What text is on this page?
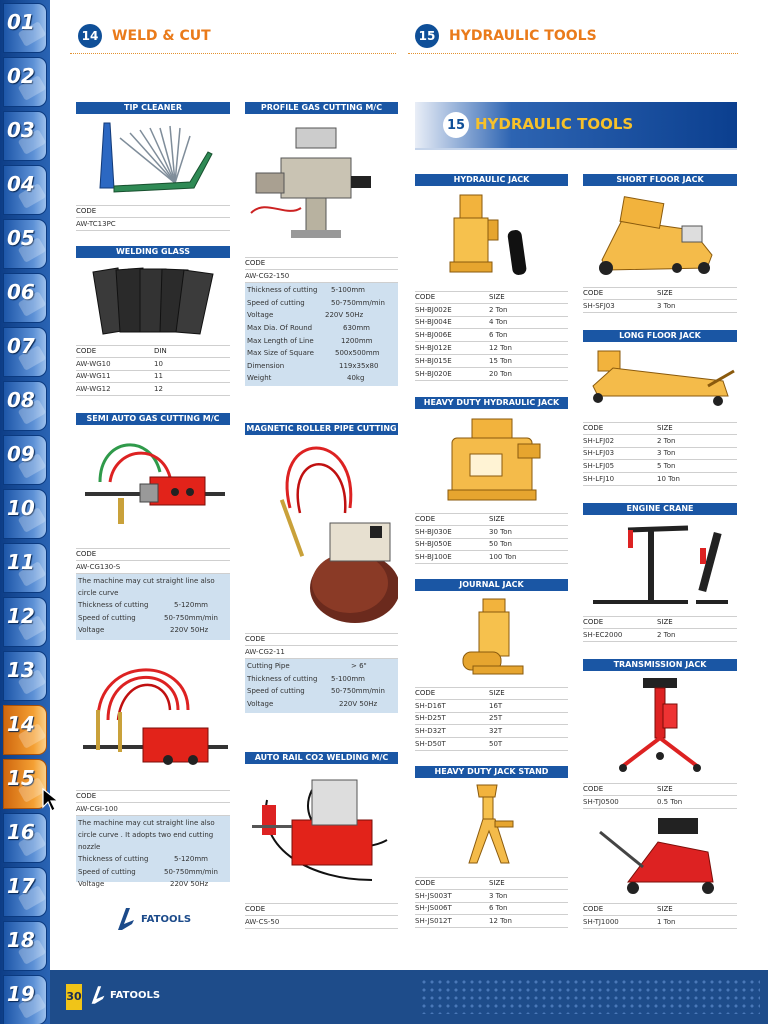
01
02
03
04
05
06
07
08
09
10
11
12
13
14
15
16
17
18
19
14 WELD & CUT	15 HYDRAULIC TOOLS
15 HYDRAULIC TOOLS
TIP CLEANER
CODE
AW-TC13PC
WELDING GLASS
CODE	DIN
AW-WG10	10
AW-WG11	11
AW-WG12	12
SEMI AUTO GAS CUTTING M/C
CODE
AW-CG130-S
The machine may cut straight line also circle curve
Thickness of cutting	5-120mm
Speed of cutting	50-750mm/min
Voltage	220V 50Hz
CODE
AW-CGI-100
The machine may cut straight line also circle curve . It adopts two end cutting nozzle
Thickness of cutting	5-120mm
Speed of cutting	50-750mm/min
Voltage	220V 50Hz
FATOOLS
PROFILE GAS CUTTING M/C
CODE
AW-CG2-150
Thickness of cutting	5-100mm
Speed of cutting	50-750mm/min
Voltage	220V 50Hz
Max Dia. Of Round	630mm
Max Length of Line	1200mm
Max Size of Square	500x500mm
Dimension	119x35x80
Weight	40kg
MAGNETIC ROLLER PIPE CUTTING M/C
CODE
AW-CG2-11
Cutting Pipe	> 6"
Thickness of cutting	5-100mm
Speed of cutting	50-750mm/min
Voltage	220V 50Hz
AUTO RAIL CO2 WELDING M/C
CODE
AW-CS-50
HYDRAULIC JACK
CODE	SIZE
SH-BJ002E	2 Ton
SH-BJ004E	4 Ton
SH-BJ006E	6 Ton
SH-BJ012E	12 Ton
SH-BJ015E	15 Ton
SH-BJ020E	20 Ton
HEAVY DUTY HYDRAULIC JACK
CODE	SIZE
SH-BJ030E	30 Ton
SH-BJ050E	50 Ton
SH-BJ100E	100 Ton
JOURNAL JACK
CODE	SIZE
SH-D16T	16T
SH-D25T	25T
SH-D32T	32T
SH-D50T	50T
HEAVY DUTY JACK STAND
CODE	SIZE
SH-JS003T	3 Ton
SH-JS006T	6 Ton
SH-JS012T	12 Ton
SHORT FLOOR JACK
CODE	SIZE
SH-SFJ03	3 Ton
LONG FLOOR JACK
CODE	SIZE
SH-LFJ02	2 Ton
SH-LFJ03	3 Ton
SH-LFJ05	5 Ton
SH-LFJ10	10 Ton
ENGINE CRANE
CODE	SIZE
SH-EC2000	2 Ton
TRANSMISSION JACK
CODE	SIZE
SH-TJ0500	0.5 Ton
CODE	SIZE
SH-TJ1000	1 Ton
30	FATOOLS
